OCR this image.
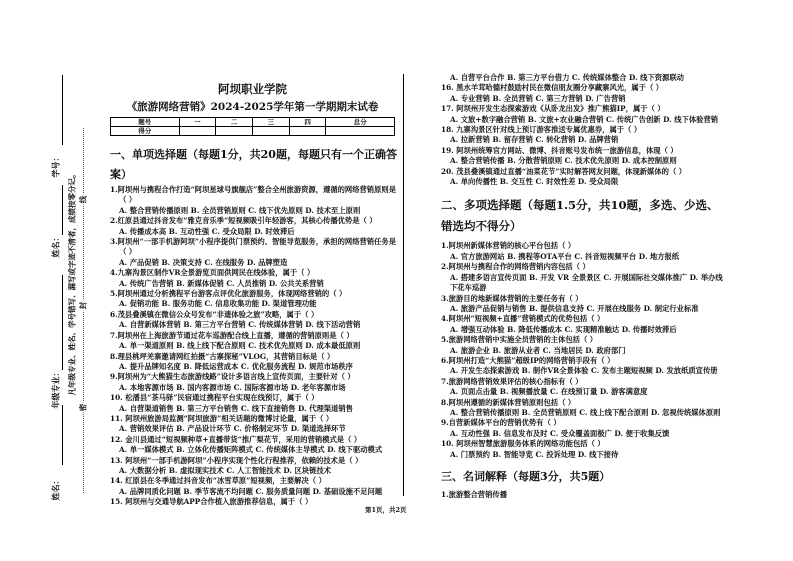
学号：
姓名：
年级专业：
姓名：
凡年级专业、姓名、学号错写、漏写或字迹不清者，成绩按零分记。 线
封
密
阿坝职业学院
《旅游网络营销》2024-2025学年第一学期期末试卷
题号	一	二	三	四	总分
得分					
一、单项选择题（每题1分，共20题，每题只有一个正确答案）
1.阿坝州与携程合作打造“阿坝星球号旗舰店”整合全州旅游资源，遵循的网络营销原则是（ ）
A. 整合营销传播原则 B. 全员营销原则 C. 线下优先原则 D. 技术至上原则
2.红原县通过抖音发布“雅克音乐季”短视频吸引年轻游客，其核心传播优势是（ ）
A. 传播成本高 B. 互动性强 C. 受众局限 D. 时效滞后
3.阿坝州“一部手机游阿坝”小程序提供门票预约、智能导览服务，承担的网络营销任务是（ ）
A. 产品促销 B. 决策支持 C. 在线服务 D. 品牌塑造
4.九寨沟景区制作VR全景游览页面供网民在线体验，属于（ ）
A. 传统广告营销 B. 新媒体促销 C. 人员推销 D. 公共关系营销
5.阿坝州通过分析携程平台游客点评优化旅游服务，体现网络营销的（ ）
A. 促销功能 B. 服务功能 C. 信息收集功能 D. 渠道管理功能
6.茂县叠溪镇在微信公众号发布“非遗体验之旅”攻略，属于（ ）
A. 自营新媒体营销 B. 第三方平台营销 C. 传统媒体营销 D. 线下活动营销
7.阿坝州在上海旅游节通过花车巡游配合线上直播，遵循的营销原则是（ ）
A. 单一渠道原则 B. 线上线下配合原则 C. 技术优先原则 D. 成本最低原则
8.理县桃坪羌寨邀请网红拍摄“古寨探秘”VLOG，其营销目标是（ ）
A. 提升品牌知名度 B. 降低运营成本 C. 优化服务流程 D. 规范市场秩序
9.阿坝州为“大熊猫生态旅游线路”设计多语言线上宣传页面，主要针对（ ）
A. 本地客源市场 B. 国内客源市场 C. 国际客源市场 D. 老年客源市场
10. 松潘县“茶马驿”民宿通过携程平台实现在线预订，属于（ ）
A. 自营渠道销售 B. 第三方平台销售 C. 线下直接销售 D. 代理渠道销售
11. 阿坝州旅游局监测“阿坝旅游”相关话题的微博讨论量，属于（ ）
A. 营销效果评估 B. 产品设计环节 C. 价格制定环节 D. 渠道选择环节
12. 金川县通过“短视频种草+直播带货”推广梨花节，采用的营销模式是（ ）
A. 单一媒体模式 B. 立体化传播矩阵模式 C. 传统媒体主导模式 D. 线下驱动模式
13. 阿坝州“一部手机游阿坝”小程序实现个性化行程推荐，依赖的技术是（ ）
A. 大数据分析 B. 虚拟现实技术 C. 人工智能技术 D. 区块链技术
14. 红原县在冬季通过抖音发布“冰雪草原”短视频，主要解决（ ）
A. 品牌同质化问题 B. 季节客流不均问题 C. 服务质量问题 D. 基础设施不足问题
15. 阿坝州与交通导航APP合作植入旅游推荐信息，属于（ ）
A. 自营平台合作 B. 第三方平台借力 C. 传统媒体整合 D. 线下资源联动
16. 黑水羊茸哈德村鼓励村民在微信朋友圈分享藏寨风光，属于（ ）
A. 专业营销 B. 全员营销 C. 第三方营销 D. 广告营销
17. 阿坝州开发生态探索游戏《从卧龙出发》推广熊猫IP，属于（ ）
A. 文旅+数字融合营销 B. 文旅+农业融合营销 C. 传统广告创新 D. 线下体验营销
18. 九寨沟景区针对线上预订游客推送专属优惠券，属于（ ）
A. 拉新营销 B. 留存营销 C. 转化营销 D. 品牌营销
19. 阿坝州统筹官方网站、微博、抖音账号发布统一旅游信息，体现（ ）
A. 整合营销传播 B. 分散营销原则 C. 技术优先原则 D. 成本控制原则
20. 茂县叠溪镇通过直播“油菜花节”实时解答网友问题，体现新媒体的（ ）
A. 单向传播性 B. 交互性 C. 时效性差 D. 受众局限
二、多项选择题（每题1.5分，共10题，多选、少选、错选均不得分）
1.阿坝州新媒体营销的核心平台包括（ ）
A. 官方旅游网站 B. 携程等OTA平台 C. 抖音短视频平台 D. 地方报纸
2.阿坝州与携程合作的网络营销内容包括（ ）
A. 搭建多语言宣传页面 B. 开发 VR 全景景区 C. 开展国际社交媒体推广 D. 举办线下花车巡游
3.旅游目的地新媒体营销的主要任务有（ ）
A. 旅游产品促销与销售 B. 提供信息支持 C. 开展在线服务 D. 制定行业标准
4.阿坝州“短视频+直播”营销模式的优势包括（ ）
A. 增强互动体验 B. 降低传播成本 C. 实现精准触达 D. 传播时效滞后
5.旅游网络营销中实施全员营销的主体包括（ ）
A. 旅游企业 B. 旅游从业者 C. 当地居民 D. 政府部门
6.阿坝州打造“大熊猫”超级IP的网络营销手段有（ ）
A. 开发生态探索游戏 B. 制作VR全景体验 C. 发布主题短视频 D. 发放纸质宣传册
7.旅游网络营销效果评估的核心指标有（ ）
A. 页面点击量 B. 视频播放量 C. 在线预订量 D. 游客满意度
8.阿坝州遵循的新媒体营销原则包括（ ）
A. 整合营销传播原则 B. 全员营销原则 C. 线上线下配合原则 D. 忽视传统媒体原则
9.自营新媒体平台的营销优势有（ ）
A. 互动性强 B. 信息发布及时 C. 受众覆盖面极广 D. 便于收集反馈
10. 阿坝州智慧旅游服务体系的网络功能包括（ ）
A. 门票预约 B. 智能导览 C. 投诉处理 D. 线下接待
三、名词解释（每题3分，共5题）
1.旅游整合营销传播
第1页，共2页
